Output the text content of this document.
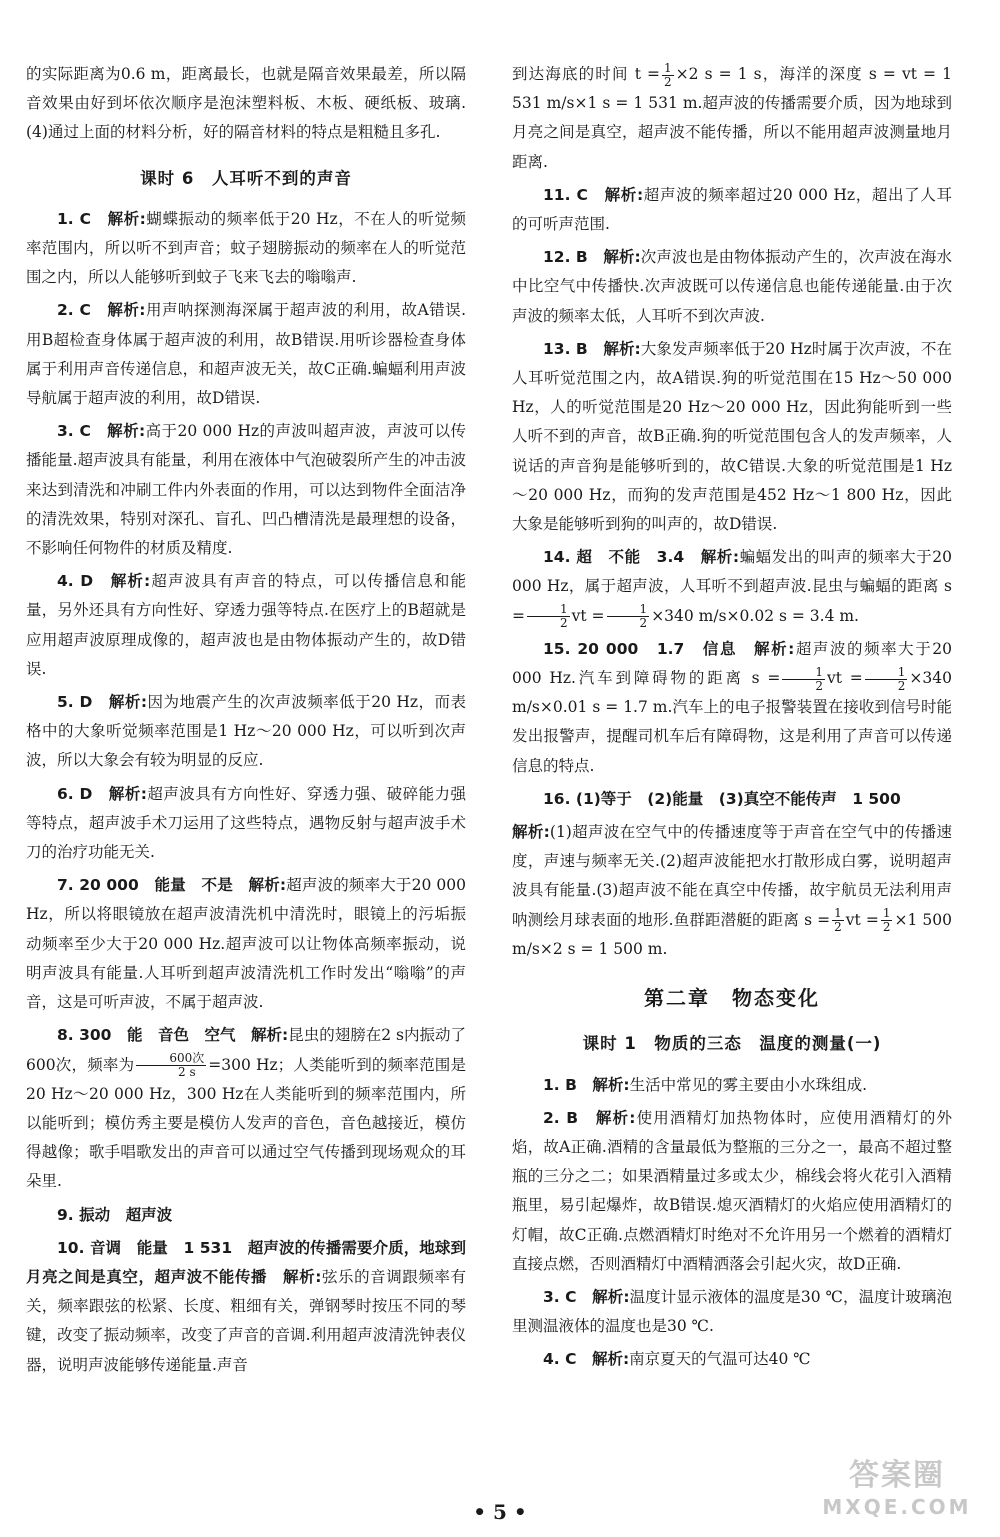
的实际距离为0.6 m，距离最长，也就是隔音效果最差，所以隔音效果由好到坏依次顺序是泡沫塑料板、木板、硬纸板、玻璃.(4)通过上面的材料分析，好的隔音材料的特点是粗糙且多孔.

课时 6　人耳听不到的声音

1. C　解析:蝴蝶振动的频率低于20 Hz，不在人的听觉频率范围内，所以听不到声音；蚊子翅膀振动的频率在人的听觉范围之内，所以人能够听到蚊子飞来飞去的嗡嗡声.

2. C　解析:用声呐探测海深属于超声波的利用，故A错误.用B超检查身体属于超声波的利用，故B错误.用听诊器检查身体属于利用声音传递信息，和超声波无关，故C正确.蝙蝠利用声波导航属于超声波的利用，故D错误.

3. C　解析:高于20 000 Hz的声波叫超声波，声波可以传播能量.超声波具有能量，利用在液体中气泡破裂所产生的冲击波来达到清洗和冲刷工件内外表面的作用，可以达到物件全面洁净的清洗效果，特别对深孔、盲孔、凹凸槽清洗是最理想的设备，不影响任何物件的材质及精度.

4. D　解析:超声波具有声音的特点，可以传播信息和能量，另外还具有方向性好、穿透力强等特点.在医疗上的B超就是应用超声波原理成像的，超声波也是由物体振动产生的，故D错误.

5. D　解析:因为地震产生的次声波频率低于20 Hz，而表格中的大象听觉频率范围是1 Hz～20 000 Hz，可以听到次声波，所以大象会有较为明显的反应.

6. D　解析:超声波具有方向性好、穿透力强、破碎能力强等特点，超声波手术刀运用了这些特点，遇物反射与超声波手术刀的治疗功能无关.

7. 20 000　能量　不是　解析:超声波的频率大于20 000 Hz，所以将眼镜放在超声波清洗机中清洗时，眼镜上的污垢振动频率至少大于20 000 Hz.超声波可以让物体高频率振动，说明声波具有能量.人耳听到超声波清洗机工作时发出“嗡嗡”的声音，这是可听声波，不属于超声波.

8. 300　能　音色　空气　解析:昆虫的翅膀在2 s内振动了600次，频率为 $\frac{\text{600次}}{2 s} =300$ Hz；人类能听到的频率范围是20 Hz～20 000 Hz，300 Hz在人类能听到的频率范围内，所以能听到；模仿秀主要是模仿人发声的音色，音色越接近，模仿得越像；歌手唱歌发出的声音可以通过空气传播到现场观众的耳朵里.

9. 振动　超声波

10. 音调　能量　1 531　超声波的传播需要介质，地球到月亮之间是真空，超声波不能传播　解析:弦乐的音调跟频率有关，频率跟弦的松紧、长度、粗细有关，弹钢琴时按压不同的琴键，改变了振动频率，改变了声音的音调.利用超声波清洗钟表仪器，说明声波能够传递能量.声音

到达海底的时间 $t = \frac{1}{2} \times 2$ s = 1 s，海洋的深度 s = vt = 1 531 m/s×1 s = 1 531 m.超声波的传播需要介质，因为地球到月亮之间是真空，超声波不能传播，所以不能用超声波测量地月距离.

11. C　解析:超声波的频率超过20 000 Hz，超出了人耳的可听声范围.

12. B　解析:次声波也是由物体振动产生的，次声波在海水中比空气中传播快.次声波既可以传递信息也能传递能量.由于次声波的频率太低，人耳听不到次声波.

13. B　解析:大象发声频率低于20 Hz时属于次声波，不在人耳听觉范围之内，故A错误.狗的听觉范围在15 Hz～50 000 Hz，人的听觉范围是20 Hz～20 000 Hz，因此狗能听到一些人听不到的声音，故B正确.狗的听觉范围包含人的发声频率，人说话的声音狗是能够听到的，故C错误.大象的听觉范围是1 Hz～20 000 Hz，而狗的发声范围是452 Hz～1 800 Hz，因此大象是能够听到狗的叫声的，故D错误.

14. 超　不能　3.4　解析:蝙蝠发出的叫声的频率大于20 000 Hz，属于超声波，人耳听不到超声波.昆虫与蝙蝠的距离 $s = \frac{1}{2}$ vt = $\frac{1}{2} \times 340$ m/s×0.02 s = 3.4 m.

15. 20 000　1.7　信息　解析:超声波的频率大于20 000 Hz.汽车到障碍物的距离 $s = \frac{1}{2}$ vt = $\frac{1}{2} \times 340$ m/s×0.01 s = 1.7 m.汽车上的电子报警装置在接收到信号时能发出报警声，提醒司机车后有障碍物，这是利用了声音可以传递信息的特点.

16. (1)等于　(2)能量　(3)真空不能传声　1 500

解析:(1)超声波在空气中的传播速度等于声音在空气中的传播速度，声速与频率无关.(2)超声波能把水打散形成白雾，说明超声波具有能量.(3)超声波不能在真空中传播，故宇航员无法利用声呐测绘月球表面的地形.鱼群距潜艇的距离 $s = \frac{1}{2}$ vt = $\frac{1}{2} \times 1$ 500 m/s×2 s = 1 500 m.

第二章　物态变化
课时 1　物质的三态　温度的测量(一)

1. B　解析:生活中常见的雾主要由小水珠组成.

2. B　解析:使用酒精灯加热物体时，应使用酒精灯的外焰，故A正确.酒精的含量最低为整瓶的三分之一，最高不超过整瓶的三分之二；如果酒精量过多或太少，棉线会将火花引入酒精瓶里，易引起爆炸，故B错误.熄灭酒精灯的火焰应使用酒精灯的灯帽，故C正确.点燃酒精灯时绝对不允许用另一个燃着的酒精灯直接点燃，否则酒精灯中酒精洒落会引起火灾，故D正确.

3. C　解析:温度计显示液体的温度是30 ℃，温度计玻璃泡里测温液体的温度也是30 ℃.

4. C　解析:南京夏天的气温可达40 ℃

• 5 •
答案圈
MXQE.COM
